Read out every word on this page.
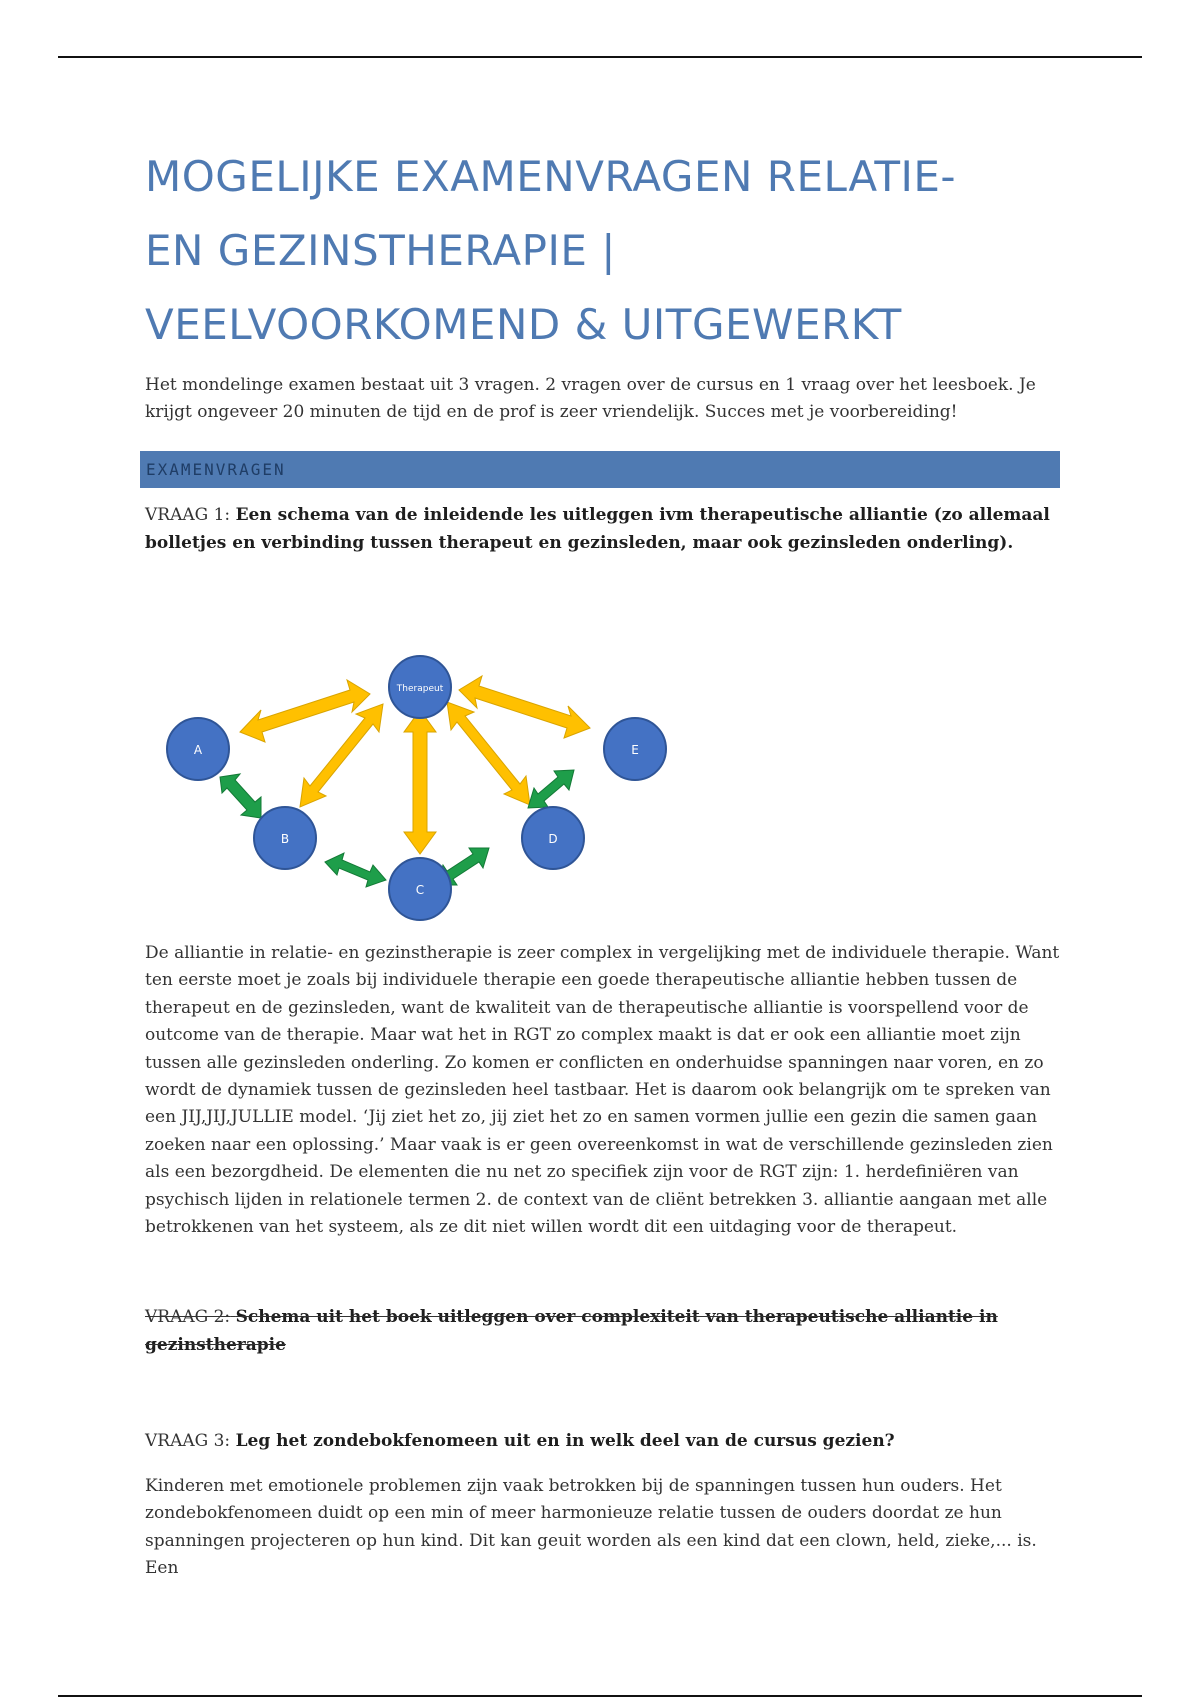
MOGELIJKE EXAMENVRAGEN RELATIE-
EN GEZINSTHERAPIE |
VEELVOORKOMEND & UITGEWERKT

Het mondelinge examen bestaat uit 3 vragen. 2 vragen over de cursus en 1 vraag over het leesboek. Je krijgt ongeveer 20 minuten de tijd en de prof is zeer vriendelijk. Succes met je voorbereiding!

EXAMENVRAGEN
VRAAG 1: Een schema van de inleidende les uitleggen ivm therapeutische alliantie (zo allemaal bolletjes en verbinding tussen therapeut en gezinsleden, maar ook gezinsleden onderling).
Therapeut
A
B
C
D
E

De alliantie in relatie- en gezinstherapie is zeer complex in vergelijking met de individuele therapie. Want ten eerste moet je zoals bij individuele therapie een goede therapeutische alliantie hebben tussen de therapeut en de gezinsleden, want de kwaliteit van de therapeutische alliantie is voorspellend voor de outcome van de therapie. Maar wat het in RGT zo complex maakt is dat er ook een alliantie moet zijn tussen alle gezinsleden onderling. Zo komen er conflicten en onderhuidse spanningen naar voren, en zo wordt de dynamiek tussen de gezinsleden heel tastbaar. Het is daarom ook belangrijk om te spreken van een JIJ,JIJ,JULLIE model. ‘Jij ziet het zo, jij ziet het zo en samen vormen jullie een gezin die samen gaan zoeken naar een oplossing.’ Maar vaak is er geen overeenkomst in wat de verschillende gezinsleden zien als een bezorgdheid. De elementen die nu net zo specifiek zijn voor de RGT zijn: 1. herdefiniëren van psychisch lijden in relationele termen 2. de context van de cliënt betrekken 3. alliantie aangaan met alle betrokkenen van het systeem, als ze dit niet willen wordt dit een uitdaging voor de therapeut.

VRAAG 2: Schema uit het boek uitleggen over complexiteit van therapeutische alliantie in gezinstherapie
VRAAG 3: Leg het zondebokfenomeen uit en in welk deel van de cursus gezien?

Kinderen met emotionele problemen zijn vaak betrokken bij de spanningen tussen hun ouders. Het zondebokfenomeen duidt op een min of meer harmonieuze relatie tussen de ouders doordat ze hun spanningen projecteren op hun kind. Dit kan geuit worden als een kind dat een clown, held, zieke,... is. Een
